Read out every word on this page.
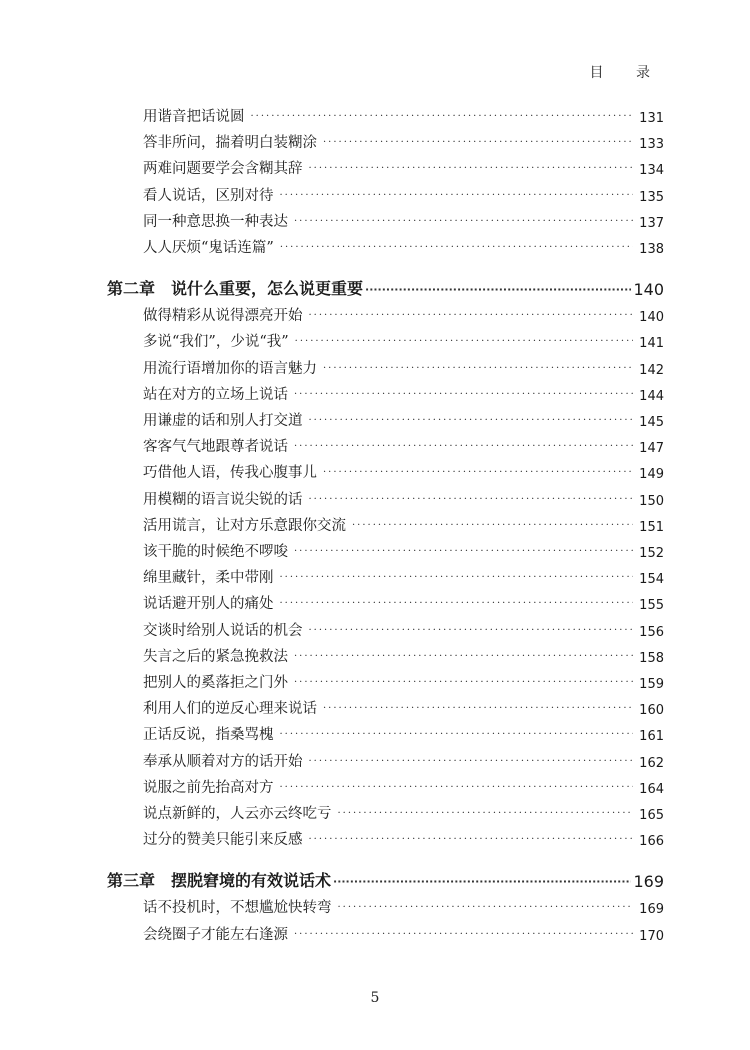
目 录
用谐音把话说圆 ·····	131
答非所问，揣着明白装糊涂 ·····	133
两难问题要学会含糊其辞 ·····	134
看人说话，区别对待 ·····	135
同一种意思换一种表达 ·····	137
人人厌烦“鬼话连篇” ·····	138
第二章　说什么重要，怎么说更重要 ·····	140
做得精彩从说得漂亮开始 ·····	140
多说“我们”，少说“我” ·····	141
用流行语增加你的语言魅力 ·····	142
站在对方的立场上说话 ·····	144
用谦虚的话和别人打交道 ·····	145
客客气气地跟尊者说话 ·····	147
巧借他人语，传我心腹事儿 ·····	149
用模糊的语言说尖锐的话 ·····	150
活用谎言，让对方乐意跟你交流 ·····	151
该干脆的时候绝不啰唆 ·····	152
绵里藏针，柔中带刚 ·····	154
说话避开别人的痛处 ·····	155
交谈时给别人说话的机会 ·····	156
失言之后的紧急挽救法 ·····	158
把别人的奚落拒之门外 ·····	159
利用人们的逆反心理来说话 ·····	160
正话反说，指桑骂槐 ·····	161
奉承从顺着对方的话开始 ·····	162
说服之前先抬高对方 ·····	164
说点新鲜的，人云亦云终吃亏 ·····	165
过分的赞美只能引来反感 ·····	166
第三章　摆脱窘境的有效说话术 ·····	169
话不投机时，不想尴尬快转弯 ·····	169
会绕圈子才能左右逢源 ·····	170
5
